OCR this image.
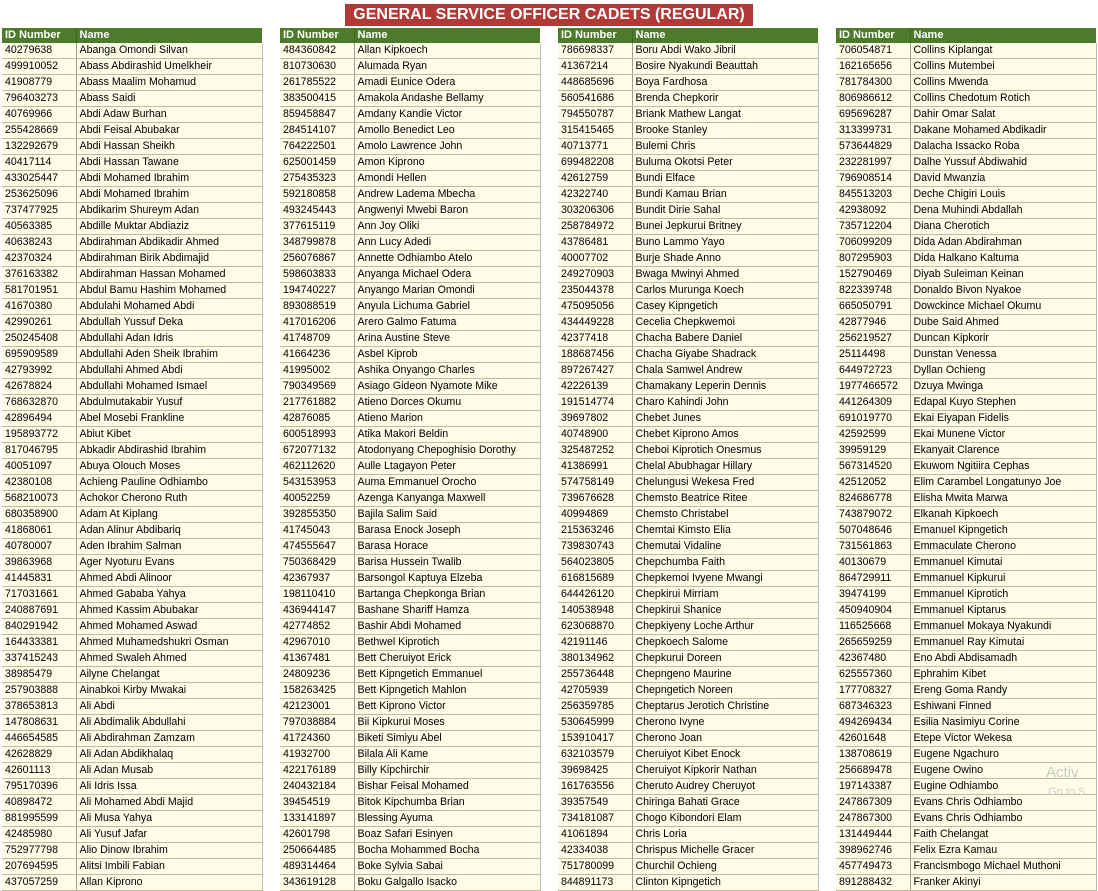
GENERAL SERVICE OFFICER CADETS (REGULAR)
ID Number	Name
40279638	Abanga Omondi Silvan
499910052	Abass Abdirashid Umelkheir
41908779	Abass Maalim Mohamud
796403273	Abass Saidi
40769966	Abdi Adaw Burhan
255428669	Abdi Feisal Abubakar
132292679	Abdi Hassan Sheikh
40417114	Abdi Hassan Tawane
433025447	Abdi Mohamed Ibrahim
253625096	Abdi Mohamed Ibrahim
737477925	Abdikarim Shureym Adan
40563385	Abdille Muktar Abdiaziz
40638243	Abdirahman Abdikadir Ahmed
42370324	Abdirahman Birik Abdimajid
376163382	Abdirahman Hassan Mohamed
581701951	Abdul Bamu Hashim Mohamed
41670380	Abdulahi Mohamed Abdi
42990261	Abdullah Yussuf Deka
250245408	Abdullahi Adan Idris
695909589	Abdullahi Aden Sheik Ibrahim
42793992	Abdullahi Ahmed Abdi
42678824	Abdullahi Mohamed Ismael
768632870	Abdulmutakabir Yusuf
42896494	Abel Mosebi Frankline
195893772	Abiut Kibet
817046795	Abkadir Abdirashid Ibrahim
40051097	Abuya Olouch Moses
42380108	Achieng Pauline Odhiambo
568210073	Achokor Cherono Ruth
680358900	Adam At Kiplang
41868061	Adan Alinur Abdibariq
40780007	Aden Ibrahim Salman
39863968	Ager Nyoturu Evans
41445831	Ahmed Abdi Alinoor
717031661	Ahmed Gababa Yahya
240887691	Ahmed Kassim Abubakar
840291942	Ahmed Mohamed Aswad
164433381	Ahmed Muhamedshukri Osman
337415243	Ahmed Swaleh Ahmed
38985479	Ailyne Chelangat
257903888	Ainabkoi Kirby Mwakai
378653813	Ali Abdi
147808631	Ali Abdimalik Abdullahi
446654585	Ali Abdirahman Zamzam
42628829	Ali Adan Abdikhalaq
42601113	Ali Adan Musab
795170396	Ali Idris Issa
40898472	Ali Mohamed Abdi Majid
881995599	Ali Musa Yahya
42485980	Ali Yusuf Jafar
752977798	Alio Dinow Ibrahim
207694595	Alitsi Imbili Fabian
437057259	Allan Kiprono
ID Number	Name
484360842	Allan Kipkoech
810730630	Alumada Ryan
261785522	Amadi Eunice Odera
383500415	Amakola Andashe Bellamy
859458847	Amdany Kandie Victor
284514107	Amollo Benedict Leo
764222501	Amolo Lawrence John
625001459	Amon Kiprono
275435323	Amondi Hellen
592180858	Andrew Ladema Mbecha
493245443	Angwenyi Mwebi Baron
377615119	Ann Joy Oliki
348799878	Ann Lucy Adedi
256076867	Annette Odhiambo Atelo
598603833	Anyanga Michael Odera
194740227	Anyango Marian Omondi
893088519	Anyula Lichuma Gabriel
417016206	Arero Galmo Fatuma
41748709	Arina Austine Steve
41664236	Asbel Kiprob
41995002	Ashika Onyango Charles
790349569	Asiago Gideon Nyamote Mike
217761882	Atieno Dorces Okumu
42876085	Atieno Marion
600518993	Atika Makori Beldin
672077132	Atodonyang Chepoghisio Dorothy
462112620	Aulle Ltagayon Peter
543153953	Auma Emmanuel Orocho
40052259	Azenga Kanyanga Maxwell
392855350	Bajila Salim Said
41745043	Barasa Enock Joseph
474555647	Barasa Horace
750368429	Barisa Hussein Twalib
42367937	Barsongol Kaptuya Elzeba
198110410	Bartanga Chepkonga Brian
436944147	Bashane Shariff Hamza
42774852	Bashir Abdi Mohamed
42967010	Bethwel Kiprotich
41367481	Bett Cheruiyot Erick
24809236	Bett Kipngetich Emmanuel
158263425	Bett Kipngetich Mahlon
42123001	Bett Kiprono Victor
797038884	Bii Kipkurui Moses
41724360	Biketi Simiyu Abel
41932700	Bilala Ali Kame
422176189	Billy Kipchirchir
240432184	Bishar Feisal Mohamed
39454519	Bitok Kipchumba Brian
133141897	Blessing Ayuma
42601798	Boaz Safari Esinyen
250664485	Bocha Mohammed Bocha
489314464	Boke Sylvia Sabai
343619128	Boku Galgallo Isacko
ID Number	Name
786698337	Boru Abdi Wako Jibril
41367214	Bosire Nyakundi Beauttah
448685696	Boya Fardhosa
560541686	Brenda Chepkorir
794550787	Briank Mathew Langat
315415465	Brooke Stanley
40713771	Bulemi Chris
699482208	Buluma Okotsi Peter
42612759	Bundi Elface
42322740	Bundi Kamau Brian
303206306	Bundit Dirie Sahal
258784972	Bunei Jepkurui Britney
43786481	Buno Lammo Yayo
40007702	Burje Shade Anno
249270903	Bwaga Mwinyi Ahmed
235044378	Carlos Murunga Koech
475095056	Casey Kipngetich
434449228	Cecelia Chepkwemoi
42377418	Chacha Babere Daniel
188687456	Chacha Giyabe Shadrack
897267427	Chala Samwel Andrew
42226139	Chamakany Leperin Dennis
191514774	Charo Kahindi John
39697802	Chebet Junes
40748900	Chebet Kiprono Amos
325487252	Cheboi Kiprotich Onesmus
41386991	Chelal Abubhagar Hillary
574758149	Chelungusi Wekesa Fred
739676628	Chemsto Beatrice Ritee
40994869	Chemsto Christabel
215363246	Chemtai Kimsto Elia
739830743	Chemutai Vidaline
564023805	Chepchumba Faith
616815689	Chepkemoi Ivyene Mwangi
644426120	Chepkirui Mirriam
140538948	Chepkirui Shanice
623068870	Chepkiyeny Loche Arthur
42191146	Chepkoech Salome
380134962	Chepkurui Doreen
255736448	Chepngeno Maurine
42705939	Chepngetich Noreen
256359785	Cheptarus Jerotich Christine
530645999	Cherono Ivyne
153910417	Cherono Joan
632103579	Cheruiyot Kibet Enock
39698425	Cheruiyot Kipkorir Nathan
161763556	Cheruto Audrey Cheruyot
39357549	Chiringa Bahati Grace
734181087	Chogo Kibondori Elam
41061894	Chris Loria
42334038	Chrispus Michelle Gracer
751780099	Churchil Ochieng
844891173	Clinton Kipngetich
ID Number	Name
706054871	Collins Kiplangat
162165656	Collins Mutembei
781784300	Collins Mwenda
806986612	Collins Chedotum Rotich
695696287	Dahir Omar Salat
313399731	Dakane Mohamed Abdikadir
573644829	Dalacha Issacko Roba
232281997	Dalhe Yussuf Abdiwahid
796908514	David Mwanzia
845513203	Deche Chigiri Louis
42938092	Dena Muhindi Abdallah
735712204	Diana Cherotich
706099209	Dida Adan Abdirahman
807295903	Dida Halkano Kaltuma
152790469	Diyab Suleiman Keinan
822339748	Donaldo Bivon Nyakoe
665050791	Dowckince Michael Okumu
42877946	Dube Said Ahmed
256219527	Duncan Kipkorir
25114498	Dunstan Venessa
644972723	Dyllan Ochieng
1977466572	Dzuya Mwinga
441264309	Edapal Kuyo Stephen
691019770	Ekai Eiyapan Fidelis
42592599	Ekai Munene Victor
39959129	Ekanyait Clarence
567314520	Ekuwom Ngitiira Cephas
42512052	Elim Carambel Longatunyo Joe
824686778	Elisha Mwita Marwa
743879072	Elkanah Kipkoech
507048646	Emanuel Kipngetich
731561863	Emmaculate Cherono
40130679	Emmanuel Kimutai
864729911	Emmanuel Kipkurui
39474199	Emmanuel Kiprotich
450940904	Emmanuel Kiptarus
116525668	Emmanuel Mokaya Nyakundi
265659259	Emmanuel Ray Kimutai
42367480	Eno Abdi Abdisamadh
625557360	Ephrahim Kibet
177708327	Ereng Goma Randy
687346323	Eshiwani Finned
494269434	Esilia Nasimiyu Corine
42601648	Etepe Victor Wekesa
138708619	Eugene Ngachuro
256689478	Eugene Owino
197143387	Eugine Odhiambo
247867309	Evans Chris Odhiambo
247867300	Evans Chris Odhiambo
131449444	Faith Chelangat
398962746	Felix Ezra Kamau
457749473	Francismbogo Michael Muthoni
891288432	Franker Akinyi
Activ
Go to S
